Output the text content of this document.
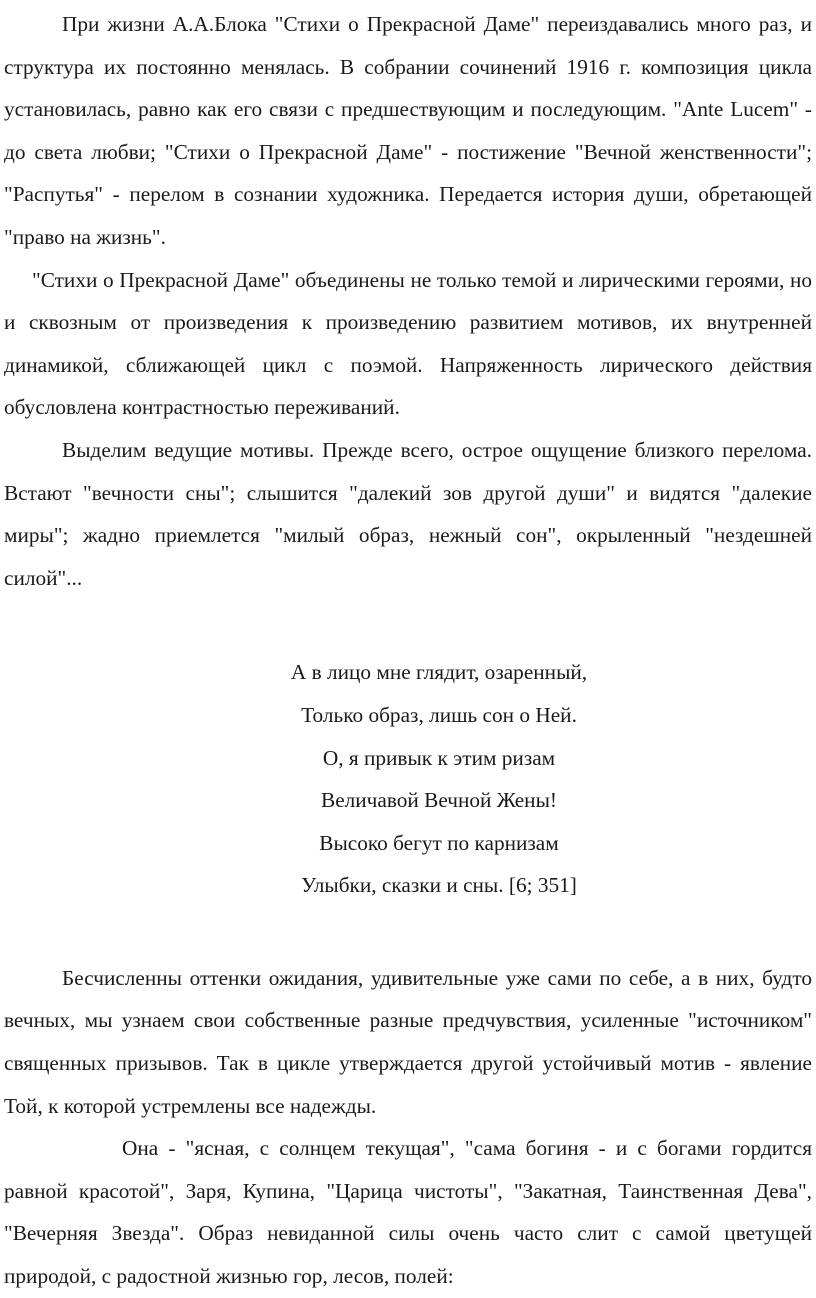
При жизни А.А.Блока "Стихи о Прекрасной Даме" переиздавались много раз, и структура их постоянно менялась. В собрании сочинений 1916 г. композиция цикла установилась, равно как его связи с предшествующим и последующим. "Ante Lucem" - до света любви; "Стихи о Прекрасной Даме" - постижение "Вечной женственности"; "Распутья" - перелом в сознании художника. Передается история души, обретающей "право на жизнь".

"Стихи о Прекрасной Даме" объединены не только темой и лирическими героями, но и сквозным от произведения к произведению развитием мотивов, их внутренней динамикой, сближающей цикл с поэмой. Напряженность лирического действия обусловлена контрастностью переживаний.

Выделим ведущие мотивы. Прежде всего, острое ощущение близкого перелома. Встают "вечности сны"; слышится "далекий зов другой души" и видятся "далекие миры"; жадно приемлется "милый образ, нежный сон", окрыленный "нездешней силой"...

А в лицо мне глядит, озаренный,

Только образ, лишь сон о Ней.

О, я привык к этим ризам

Величавой Вечной Жены!

Высоко бегут по карнизам

Улыбки, сказки и сны. [6; 351]

Бесчисленны оттенки ожидания, удивительные уже сами по себе, а в них, будто вечных, мы узнаем свои собственные разные предчувствия, усиленные "источником" священных призывов. Так в цикле утверждается другой устойчивый мотив - явление Той, к которой устремлены все надежды.

Она - "ясная, с солнцем текущая", "сама богиня - и с богами гордится равной красотой", Заря, Купина, "Царица чистоты", "Закатная, Таинственная Дева", "Вечерняя Звезда". Образ невиданной силы очень часто слит с самой цветущей природой, с радостной жизнью гор, лесов, полей:
